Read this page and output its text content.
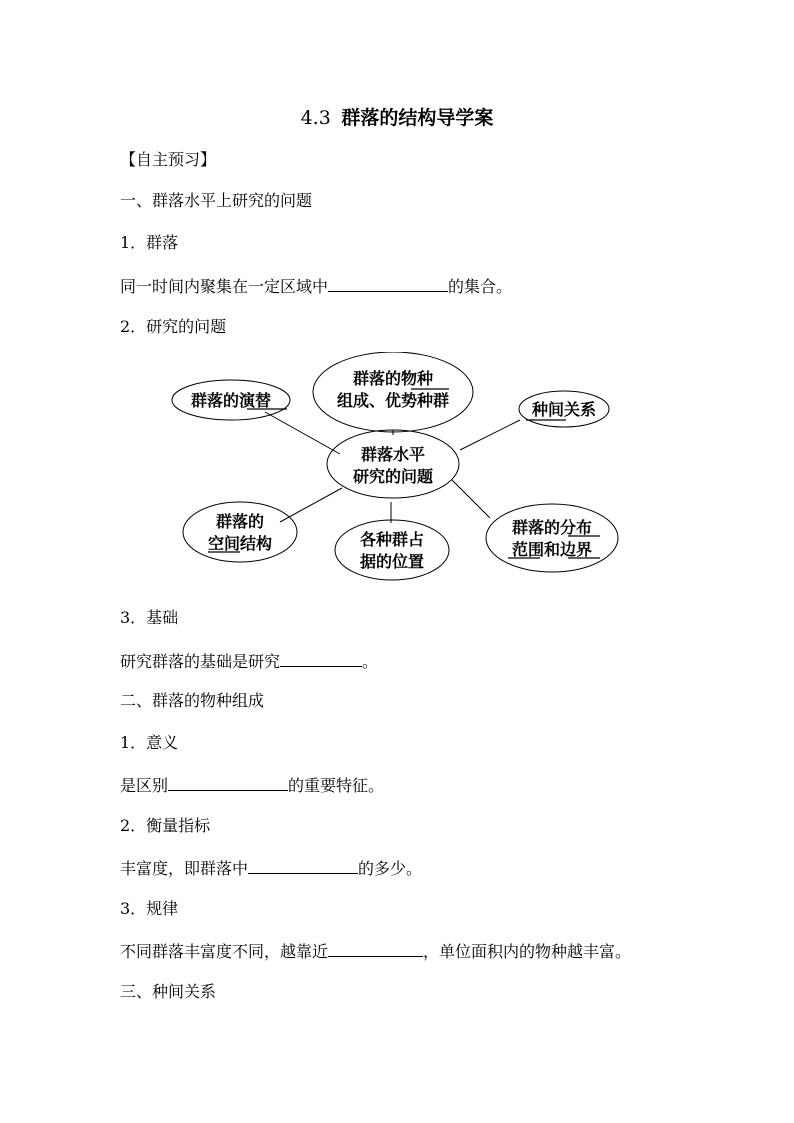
4.3 群落的结构导学案
【自主预习】
一、群落水平上研究的问题
1．群落
同一时间内聚集在一定区域中	的集合。
2．研究的问题
群落水平
研究的问题
群落的物种
组成、优势种群
群落的演替	种间关系
群落的
空间结构	各种群占
据的位置
群落的分布
范围和边界
3．基础
研究群落的基础是研究	。
二、群落的物种组成
1．意义
是区别	的重要特征。
2．衡量指标
丰富度，即群落中	的多少。
3．规律
不同群落丰富度不同，越靠近	，单位面积内的物种越丰富。
三、种间关系
